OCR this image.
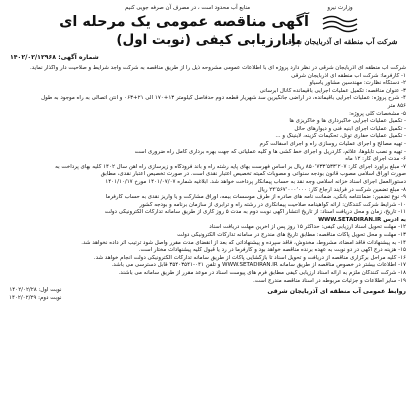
وزارت نیرو
شرکت آب منطقه ای آذربایجان شرقی
منابع آب محدود است ، در مصرف آن صرفه جویی کنیم
آگهی مناقصه عمومی یک مرحله ای
با ارزیابی کیفی (نوبت اول)
شماره آگهی: ۱۴۰۲/۰۲/۱۲۹۶۸

شرکت آب منطقه ای آذربایجان شرقی در نظر دارد پروژه ای با اطلاعات عمومی مشروحه ذیل را از طریق مناقصه به شرکت واجد شرایط و صلاحیت دار واگذار نماید.

۱- کارفرما: شرکت آب منطقه ای آذربایجان شرقی

۲- دستگاه نظارت: مهندسین مشاور یاسیاو

۳- عنوان مناقصه: تکمیل عملیات اجرایی باقیمانده کانال آبرسانی

۴- شرح پروژه: عملیات اجرایی باقیمانده، در اراضی جانگیرین سد شهریار قطعه دوم حدفاصل کیلومتر ۱۳+۱۷۰ الی ۲۱+۰۶۳ و آنتن اتصالی به راه موجود به طول

۸۵۶ متر

۵- مشخصات کلی پروژه:

- تکمیل عملیات اجرایی خاکبرداری ها و خاکریزی ها

- تکمیل عملیات اجرای ابنیه فنی و دیوارهای حائل

- تکمیل عملیات حفاری تونل، تحکیمات گزینه، لاینینگ و ...

- تهیه مصالح و اجرای عملیات روسازی راه و اجرای آسفالت گرم

- تهیه و نصب تابلوها، علائم، گاردریل و اجرای خط کشی ها و کلیه عملیاتی که جهت بهره برداری کامل راه ضروری است

۶- مدت اجرای کار: ۱۲ ماه

۷- مبلغ برآورد اجرای کار: ۸۵۰٬۷۳۳٬۵۳۳٬۲۰۷ ریال بر اساس فهرست بهای پایه رشته راه و باند فرودگاه و زیرسازی راه آهن سال ۱۴۰۲ کلیه بهای پرداخت به

صورت اوراق اسلامی مصوب قانون بودجه سنواتی و مصوبات کمیته تخصیص اعتبار نقدی است. در صورت تخصیص اعتبار نقدی، مطابق

دستورالعمل اجرای اسناد خزانه اسلامی وجه نقد به حساب پیمانکار پرداخت خواهد شد. ابلاغیه شماره ۱۴۰۱/۰۷/۰۷ مورخ ۱۴۰۱/۱۰/۱۷

۸- مبلغ تضمین شرکت در فرایند ارجاع کار: ۲۴٬۵۶۷٬۰۰۰٬۰۰۰ ریال

۹- نوع تضمین: ضمانتنامه بانکی، ضمانت نامه های صادره از طرف موسسات بیمه، اوراق مشارکت و یا واریز نقدی به حساب کارفرما

۱۰- شرایط شرکت کنندگان: ارائه گواهینامه صلاحیت پیمانکاری در رشته راه و ترابری از سازمان برنامه و بودجه کشور

۱۱- تاریخ، زمان و محل دریافت اسناد: از تاریخ انتشار آگهی نوبت دوم به مدت ۵ روز کاری از طریق سامانه تدارکات الکترونیکی دولت

به آدرس WWW.SETADIRAN.IR

۱۲- مهلت تحویل اسناد ارزیابی کیفی: حداکثر ۱۵ روز پس از آخرین مهلت دریافت اسناد

۱۳- مهلت و محل تحویل پاکات مناقصه: مطابق تاریخ های مندرج در سامانه تدارکات الکترونیکی دولت

۱۴- به پیشنهادات فاقد امضاء، مشروط، مخدوش، فاقد سپرده و پیشنهاداتی که بعد از انقضای مدت مقرر واصل شود ترتیب اثر داده نخواهد شد.

۱۵- هزینه درج آگهی در دو نوبت به عهده برنده مناقصه خواهد بود و کارفرما در رد یا قبول کلیه پیشنهادات مختار است.

۱۶- کلیه مراحل برگزاری مناقصه از دریافت و تحویل اسناد تا بازگشایی پاکات از طریق سامانه تدارکات الکترونیکی دولت انجام خواهد شد.

۱۷- اطلاعات بیشتر در خصوص مناقصه از طریق سامانه WWW.SETADIRAN.IR و تلفن ۰۴۱-۳۵۴۰۳۵۴۱ قابل دسترسی می باشد.

۱۸- شرکت کنندگان ملزم به ارائه اسناد ارزیابی کیفی مطابق فرم های پیوست اسناد در موعد مقرر از طریق سامانه می باشند.

۱۹- سایر اطلاعات و جزئیات مربوطه در اسناد مناقصه مندرج است.

روابط عمومی آب منطقه ای آذربایجان شرقی
نوبت اول: ۱۴۰۲/۰۲/۲۸
نوبت دوم: ۱۴۰۲/۰۲/۲۹
